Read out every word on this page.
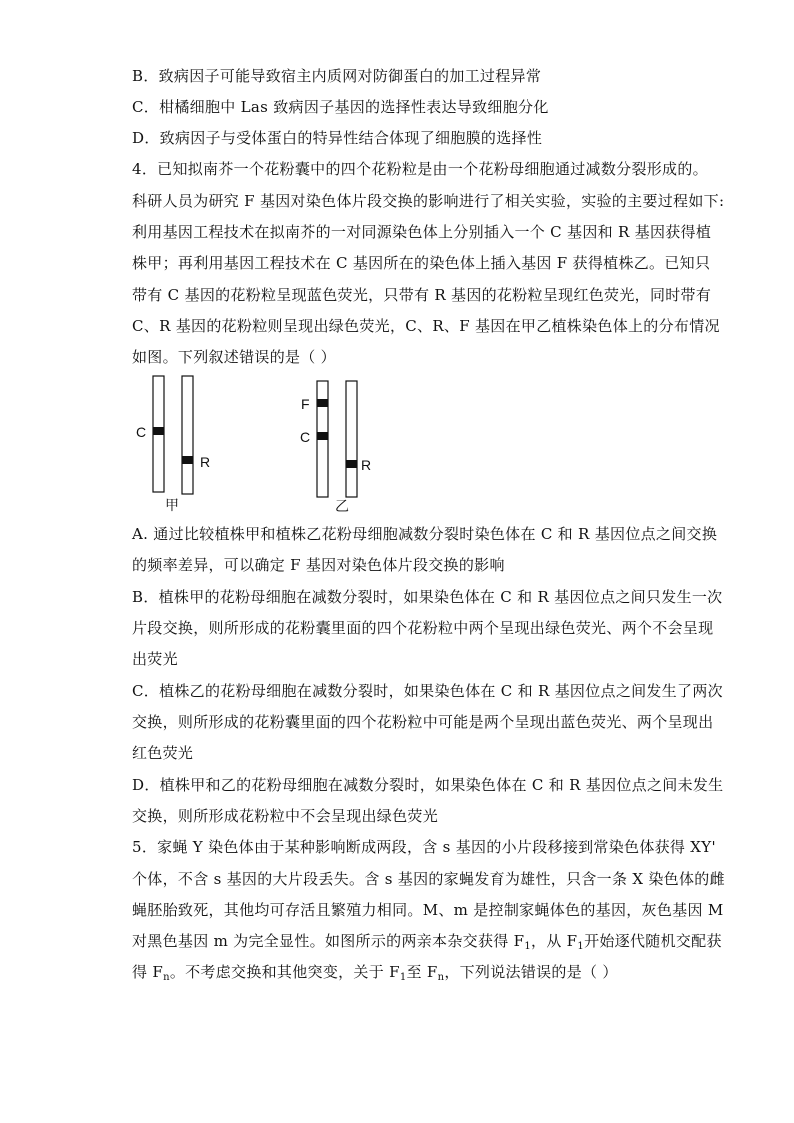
B．致病因子可能导致宿主内质网对防御蛋白的加工过程异常
C．柑橘细胞中 Las 致病因子基因的选择性表达导致细胞分化
D．致病因子与受体蛋白的特异性结合体现了细胞膜的选择性
4．已知拟南芥一个花粉囊中的四个花粉粒是由一个花粉母细胞通过减数分裂形成的。
科研人员为研究 F 基因对染色体片段交换的影响进行了相关实验，实验的主要过程如下:
利用基因工程技术在拟南芥的一对同源染色体上分别插入一个 C 基因和 R 基因获得植
株甲；再利用基因工程技术在 C 基因所在的染色体上插入基因 F 获得植株乙。已知只
带有 C 基因的花粉粒呈现蓝色荧光，只带有 R 基因的花粉粒呈现红色荧光，同时带有
C、R 基因的花粉粒则呈现出绿色荧光，C、R、F 基因在甲乙植株染色体上的分布情况
如图。下列叙述错误的是（ ）
C
R
甲
F
C
R
乙
A. 通过比较植株甲和植株乙花粉母细胞减数分裂时染色体在 C 和 R 基因位点之间交换
的频率差异，可以确定 F 基因对染色体片段交换的影响
B．植株甲的花粉母细胞在减数分裂时，如果染色体在 C 和 R 基因位点之间只发生一次
片段交换，则所形成的花粉囊里面的四个花粉粒中两个呈现出绿色荧光、两个不会呈现
出荧光
C．植株乙的花粉母细胞在减数分裂时，如果染色体在 C 和 R 基因位点之间发生了两次
交换，则所形成的花粉囊里面的四个花粉粒中可能是两个呈现出蓝色荧光、两个呈现出
红色荧光
D．植株甲和乙的花粉母细胞在减数分裂时，如果染色体在 C 和 R 基因位点之间未发生
交换，则所形成花粉粒中不会呈现出绿色荧光
5．家蝇 Y 染色体由于某种影响断成两段，含 s 基因的小片段移接到常染色体获得 XY'
个体，不含 s 基因的大片段丢失。含 s 基因的家蝇发育为雄性，只含一条 X 染色体的雌
蝇胚胎致死，其他均可存活且繁殖力相同。M、m 是控制家蝇体色的基因，灰色基因 M
对黑色基因 m 为完全显性。如图所示的两亲本杂交获得 $F_1$，从 $F_1$开始逐代随机交配获
得 $F_n$。不考虑交换和其他突变，关于 $F_1$至 $F_n$，下列说法错误的是（ ）
